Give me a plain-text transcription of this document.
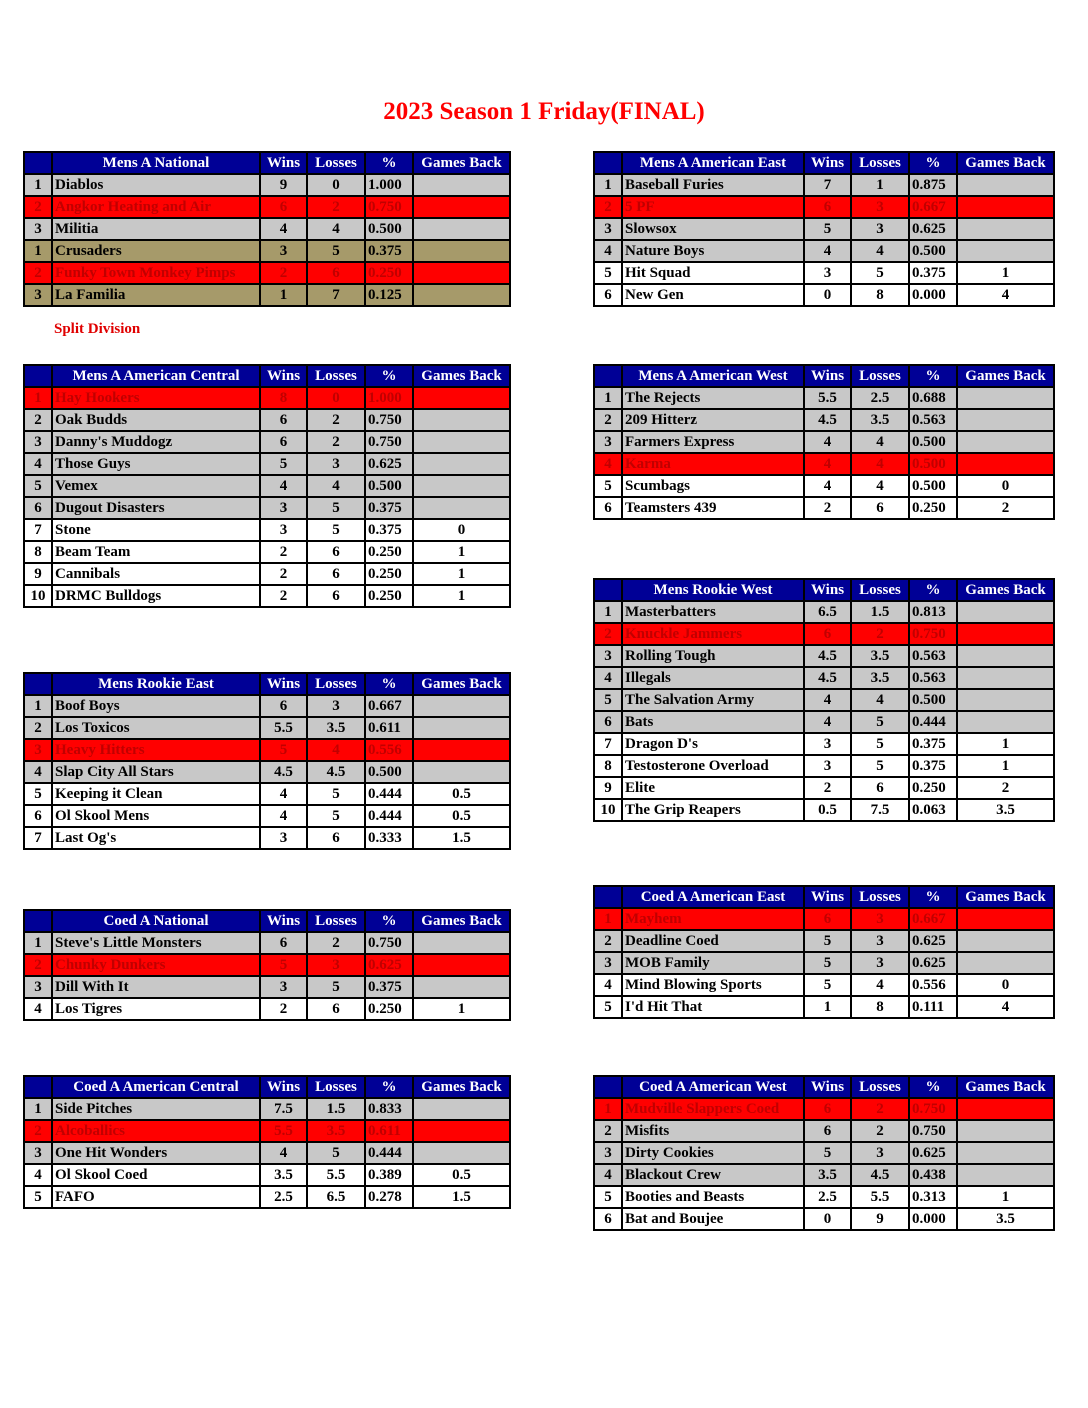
2023 Season 1 Friday(FINAL)
	Mens A National	Wins	Losses	%	Games Back
1	Diablos	9	0	1.000	
2	Angkor Heating and Air	6	2	0.750	
3	Militia	4	4	0.500	
1	Crusaders	3	5	0.375	
2	Funky Town Monkey Pimps	2	6	0.250	
3	La Familia	1	7	0.125	
Split Division
	Mens A American Central	Wins	Losses	%	Games Back
1	Hay Hookers	8	0	1.000	
2	Oak Budds	6	2	0.750	
3	Danny's Muddogz	6	2	0.750	
4	Those Guys	5	3	0.625	
5	Vemex	4	4	0.500	
6	Dugout Disasters	3	5	0.375	
7	Stone	3	5	0.375	0
8	Beam Team	2	6	0.250	1
9	Cannibals	2	6	0.250	1
10	DRMC Bulldogs	2	6	0.250	1
	Mens Rookie East	Wins	Losses	%	Games Back
1	Boof Boys	6	3	0.667	
2	Los Toxicos	5.5	3.5	0.611	
3	Heavy Hitters	5	4	0.556	
4	Slap City All Stars	4.5	4.5	0.500	
5	Keeping it Clean	4	5	0.444	0.5
6	Ol Skool Mens	4	5	0.444	0.5
7	Last Og's	3	6	0.333	1.5
	Coed A National	Wins	Losses	%	Games Back
1	Steve's Little Monsters	6	2	0.750	
2	Chunky Dunkers	5	3	0.625	
3	Dill With It	3	5	0.375	
4	Los Tigres	2	6	0.250	1
	Coed A American Central	Wins	Losses	%	Games Back
1	Side Pitches	7.5	1.5	0.833	
2	Alcoballics	5.5	3.5	0.611	
3	One Hit Wonders	4	5	0.444	
4	Ol Skool Coed	3.5	5.5	0.389	0.5
5	FAFO	2.5	6.5	0.278	1.5
	Mens A American East	Wins	Losses	%	Games Back
1	Baseball Furies	7	1	0.875	
2	5 PF	6	3	0.667	
3	Slowsox	5	3	0.625	
4	Nature Boys	4	4	0.500	
5	Hit Squad	3	5	0.375	1
6	New Gen	0	8	0.000	4
	Mens A American West	Wins	Losses	%	Games Back
1	The Rejects	5.5	2.5	0.688	
2	209 Hitterz	4.5	3.5	0.563	
3	Farmers Express	4	4	0.500	
4	Karma	4	4	0.500	
5	Scumbags	4	4	0.500	0
6	Teamsters 439	2	6	0.250	2
	Mens Rookie West	Wins	Losses	%	Games Back
1	Masterbatters	6.5	1.5	0.813	
2	Knuckle Jammers	6	2	0.750	
3	Rolling Tough	4.5	3.5	0.563	
4	Illegals	4.5	3.5	0.563	
5	The Salvation Army	4	4	0.500	
6	Bats	4	5	0.444	
7	Dragon D's	3	5	0.375	1
8	Testosterone Overload	3	5	0.375	1
9	Elite	2	6	0.250	2
10	The Grip Reapers	0.5	7.5	0.063	3.5
	Coed A American East	Wins	Losses	%	Games Back
1	Mayhem	6	3	0.667	
2	Deadline Coed	5	3	0.625	
3	MOB Family	5	3	0.625	
4	Mind Blowing Sports	5	4	0.556	0
5	I'd Hit That	1	8	0.111	4
	Coed A American West	Wins	Losses	%	Games Back
1	Mudville Slappers Coed	6	2	0.750	
2	Misfits	6	2	0.750	
3	Dirty Cookies	5	3	0.625	
4	Blackout Crew	3.5	4.5	0.438	
5	Booties and Beasts	2.5	5.5	0.313	1
6	Bat and Boujee	0	9	0.000	3.5
